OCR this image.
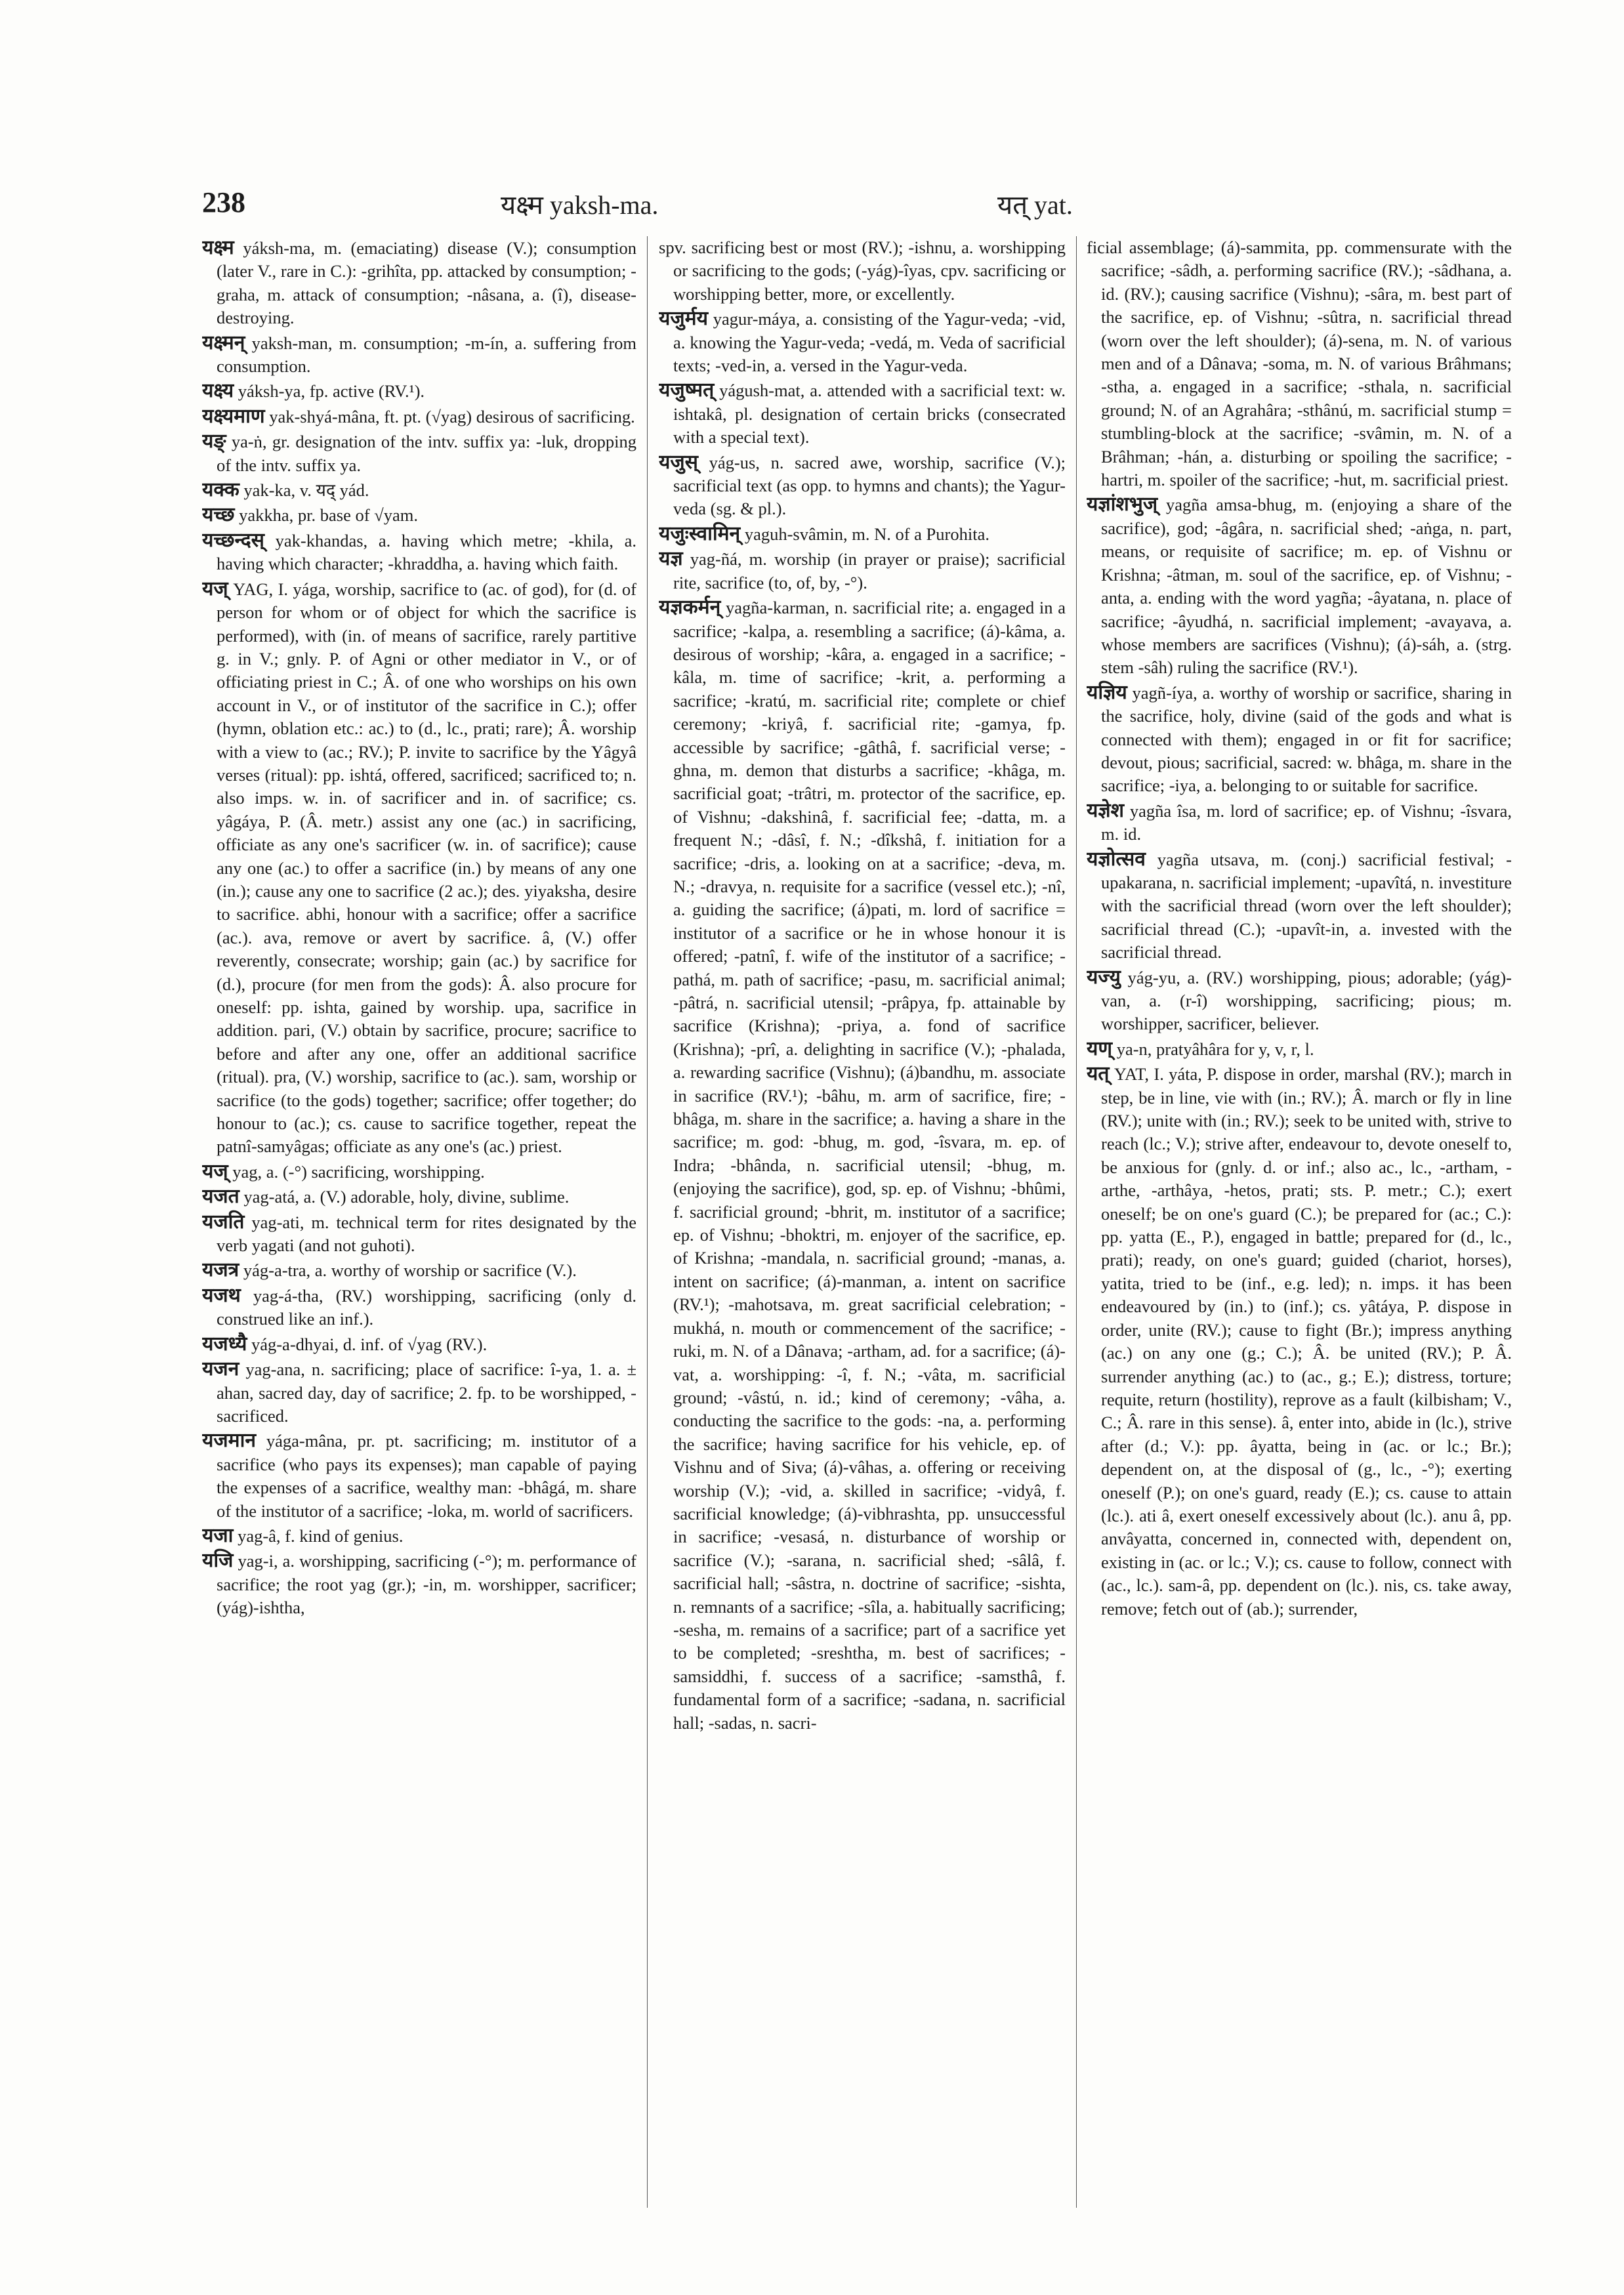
238	यक्ष्म yaksh-ma.	यत् yat.
यक्ष्म yáksh-ma, m. (emaciating) disease (V.); consumption (later V., rare in C.): -grihîta, pp. attacked by consumption; -graha, m. attack of consumption; -nâsana, a. (î), disease-destroying.
यक्ष्मन् yaksh-man, m. consumption; -m-ín, a. suffering from consumption.
यक्ष्य yáksh-ya, fp. active (RV.¹).
यक्ष्यमाण yak-shyá-mâna, ft. pt. (√yag) desirous of sacrificing.
यङ् ya-ṅ, gr. designation of the intv. suffix ya: -luk, dropping of the intv. suffix ya.
यक्क yak-ka, v. यद् yád.
यच्छ yakkha, pr. base of √yam.
यच्छन्दस् yak-khandas, a. having which metre; -khila, a. having which character; -khraddha, a. having which faith.
यज् YAG, I. yága, worship, sacrifice to (ac. of god), for (d. of person for whom or of object for which the sacrifice is performed), with (in. of means of sacrifice, rarely partitive g. in V.; gnly. P. of Agni or other mediator in V., or of officiating priest in C.; Â. of one who worships on his own account in V., or of institutor of the sacrifice in C.); offer (hymn, oblation etc.: ac.) to (d., lc., prati; rare); Â. worship with a view to (ac.; RV.); P. invite to sacrifice by the Yâgyâ verses (ritual): pp. ishtá, offered, sacrificed; sacrificed to; n. also imps. w. in. of sacrificer and in. of sacrifice; cs. yâgáya, P. (Â. metr.) assist any one (ac.) in sacrificing, officiate as any one's sacrificer (w. in. of sacrifice); cause any one (ac.) to offer a sacrifice (in.) by means of any one (in.); cause any one to sacrifice (2 ac.); des. yiyaksha, desire to sacrifice. abhi, honour with a sacrifice; offer a sacrifice (ac.). ava, remove or avert by sacrifice. â, (V.) offer reverently, consecrate; worship; gain (ac.) by sacrifice for (d.), procure (for men from the gods): Â. also procure for oneself: pp. ishta, gained by worship. upa, sacrifice in addition. pari, (V.) obtain by sacrifice, procure; sacrifice to before and after any one, offer an additional sacrifice (ritual). pra, (V.) worship, sacrifice to (ac.). sam, worship or sacrifice (to the gods) together; sacrifice; offer together; do honour to (ac.); cs. cause to sacrifice together, repeat the patnî-samyâgas; officiate as any one's (ac.) priest.
यज् yag, a. (-°) sacrificing, worshipping.
यजत yag-atá, a. (V.) adorable, holy, divine, sublime.
यजति yag-ati, m. technical term for rites designated by the verb yagati (and not guhoti).
यजत्र yág-a-tra, a. worthy of worship or sacrifice (V.).
यजथ yag-á-tha, (RV.) worshipping, sacrificing (only d. construed like an inf.).
यजध्यै yág-a-dhyai, d. inf. of √yag (RV.).
यजन yag-ana, n. sacrificing; place of sacrifice: î-ya, 1. a. ± ahan, sacred day, day of sacrifice; 2. fp. to be worshipped, -sacrificed.
यजमान yága-mâna, pr. pt. sacrificing; m. institutor of a sacrifice (who pays its expenses); man capable of paying the expenses of a sacrifice, wealthy man: -bhâgá, m. share of the institutor of a sacrifice; -loka, m. world of sacrificers.
यजा yag-â, f. kind of genius.
यजि yag-i, a. worshipping, sacrificing (-°); m. performance of sacrifice; the root yag (gr.); -in, m. worshipper, sacrificer; (yág)-ishtha,
spv. sacrificing best or most (RV.); -ishnu, a. worshipping or sacrificing to the gods; (-yág)-îyas, cpv. sacrificing or worshipping better, more, or excellently.
यजुर्मय yagur-máya, a. consisting of the Yagur-veda; -vid, a. knowing the Yagur-veda; -vedá, m. Veda of sacrificial texts; -ved-in, a. versed in the Yagur-veda.
यजुष्मत् yágush-mat, a. attended with a sacrificial text: w. ishtakâ, pl. designation of certain bricks (consecrated with a special text).
यजुस् yág-us, n. sacred awe, worship, sacrifice (V.); sacrificial text (as opp. to hymns and chants); the Yagur-veda (sg. & pl.).
यजुःस्वामिन् yaguh-svâmin, m. N. of a Purohita.
यज्ञ yag-ñá, m. worship (in prayer or praise); sacrificial rite, sacrifice (to, of, by, -°).
यज्ञकर्मन् yagña-karman, n. sacrificial rite; a. engaged in a sacrifice; -kalpa, a. resembling a sacrifice; (á)-kâma, a. desirous of worship; -kâra, a. engaged in a sacrifice; -kâla, m. time of sacrifice; -krit, a. performing a sacrifice; -kratú, m. sacrificial rite; complete or chief ceremony; -kriyâ, f. sacrificial rite; -gamya, fp. accessible by sacrifice; -gâthâ, f. sacrificial verse; -ghna, m. demon that disturbs a sacrifice; -khâga, m. sacrificial goat; -trâtri, m. protector of the sacrifice, ep. of Vishnu; -dakshinâ, f. sacrificial fee; -datta, m. a frequent N.; -dâsî, f. N.; -dîkshâ, f. initiation for a sacrifice; -dris, a. looking on at a sacrifice; -deva, m. N.; -dravya, n. requisite for a sacrifice (vessel etc.); -nî, a. guiding the sacrifice; (á)pati, m. lord of sacrifice = institutor of a sacrifice or he in whose honour it is offered; -patnî, f. wife of the institutor of a sacrifice; -pathá, m. path of sacrifice; -pasu, m. sacrificial animal; -pâtrá, n. sacrificial utensil; -prâpya, fp. attainable by sacrifice (Krishna); -priya, a. fond of sacrifice (Krishna); -prî, a. delighting in sacrifice (V.); -phalada, a. rewarding sacrifice (Vishnu); (á)bandhu, m. associate in sacrifice (RV.¹); -bâhu, m. arm of sacrifice, fire; -bhâga, m. share in the sacrifice; a. having a share in the sacrifice; m. god: -bhug, m. god, -îsvara, m. ep. of Indra; -bhânda, n. sacrificial utensil; -bhug, m. (enjoying the sacrifice), god, sp. ep. of Vishnu; -bhûmi, f. sacrificial ground; -bhrit, m. institutor of a sacrifice; ep. of Vishnu; -bhoktri, m. enjoyer of the sacrifice, ep. of Krishna; -mandala, n. sacrificial ground; -manas, a. intent on sacrifice; (á)-manman, a. intent on sacrifice (RV.¹); -mahotsava, m. great sacrificial celebration; -mukhá, n. mouth or commencement of the sacrifice; -ruki, m. N. of a Dânava; -artham, ad. for a sacrifice; (á)-vat, a. worshipping: -î, f. N.; -vâta, m. sacrificial ground; -vâstú, n. id.; kind of ceremony; -vâha, a. conducting the sacrifice to the gods: -na, a. performing the sacrifice; having sacrifice for his vehicle, ep. of Vishnu and of Siva; (á)-vâhas, a. offering or receiving worship (V.); -vid, a. skilled in sacrifice; -vidyâ, f. sacrificial knowledge; (á)-vibhrashta, pp. unsuccessful in sacrifice; -vesasá, n. disturbance of worship or sacrifice (V.); -sarana, n. sacrificial shed; -sâlâ, f. sacrificial hall; -sâstra, n. doctrine of sacrifice; -sishta, n. remnants of a sacrifice; -sîla, a. habitually sacrificing; -sesha, m. remains of a sacrifice; part of a sacrifice yet to be completed; -sreshtha, m. best of sacrifices; -samsiddhi, f. success of a sacrifice; -samsthâ, f. fundamental form of a sacrifice; -sadana, n. sacrificial hall; -sadas, n. sacri-
ficial assemblage; (á)-sammita, pp. commensurate with the sacrifice; -sâdh, a. performing sacrifice (RV.); -sâdhana, a. id. (RV.); causing sacrifice (Vishnu); -sâra, m. best part of the sacrifice, ep. of Vishnu; -sûtra, n. sacrificial thread (worn over the left shoulder); (á)-sena, m. N. of various men and of a Dânava; -soma, m. N. of various Brâhmans; -stha, a. engaged in a sacrifice; -sthala, n. sacrificial ground; N. of an Agrahâra; -sthânú, m. sacrificial stump = stumbling-block at the sacrifice; -svâmin, m. N. of a Brâhman; -hán, a. disturbing or spoiling the sacrifice; -hartri, m. spoiler of the sacrifice; -hut, m. sacrificial priest.
यज्ञांशभुज् yagña amsa-bhug, m. (enjoying a share of the sacrifice), god; -âgâra, n. sacrificial shed; -aṅga, n. part, means, or requisite of sacrifice; m. ep. of Vishnu or Krishna; -âtman, m. soul of the sacrifice, ep. of Vishnu; -anta, a. ending with the word yagña; -âyatana, n. place of sacrifice; -âyudhá, n. sacrificial implement; -avayava, a. whose members are sacrifices (Vishnu); (á)-sáh, a. (strg. stem -sâh) ruling the sacrifice (RV.¹).
यज्ञिय yagñ-íya, a. worthy of worship or sacrifice, sharing in the sacrifice, holy, divine (said of the gods and what is connected with them); engaged in or fit for sacrifice; devout, pious; sacrificial, sacred: w. bhâga, m. share in the sacrifice; -iya, a. belonging to or suitable for sacrifice.
यज्ञेश yagña îsa, m. lord of sacrifice; ep. of Vishnu; -îsvara, m. id.
यज्ञोत्सव yagña utsava, m. (conj.) sacrificial festival; -upakarana, n. sacrificial implement; -upavîtá, n. investiture with the sacrificial thread (worn over the left shoulder); sacrificial thread (C.); -upavît-in, a. invested with the sacrificial thread.
यज्यु yág-yu, a. (RV.) worshipping, pious; adorable; (yág)-van, a. (r-î) worshipping, sacrificing; pious; m. worshipper, sacrificer, believer.
यण् ya-n, pratyâhâra for y, v, r, l.
यत् YAT, I. yáta, P. dispose in order, marshal (RV.); march in step, be in line, vie with (in.; RV.); Â. march or fly in line (RV.); unite with (in.; RV.); seek to be united with, strive to reach (lc.; V.); strive after, endeavour to, devote oneself to, be anxious for (gnly. d. or inf.; also ac., lc., -artham, -arthe, -arthâya, -hetos, prati; sts. P. metr.; C.); exert oneself; be on one's guard (C.); be prepared for (ac.; C.): pp. yatta (E., P.), engaged in battle; prepared for (d., lc., prati); ready, on one's guard; guided (chariot, horses), yatita, tried to be (inf., e.g. led); n. imps. it has been endeavoured by (in.) to (inf.); cs. yâtáya, P. dispose in order, unite (RV.); cause to fight (Br.); impress anything (ac.) on any one (g.; C.); Â. be united (RV.); P. Â. surrender anything (ac.) to (ac., g.; E.); distress, torture; requite, return (hostility), reprove as a fault (kilbisham; V., C.; Â. rare in this sense). â, enter into, abide in (lc.), strive after (d.; V.): pp. âyatta, being in (ac. or lc.; Br.); dependent on, at the disposal of (g., lc., -°); exerting oneself (P.); on one's guard, ready (E.); cs. cause to attain (lc.). ati â, exert oneself excessively about (lc.). anu â, pp. anvâyatta, concerned in, connected with, dependent on, existing in (ac. or lc.; V.); cs. cause to follow, connect with (ac., lc.). sam-â, pp. dependent on (lc.). nis, cs. take away, remove; fetch out of (ab.); surrender,
